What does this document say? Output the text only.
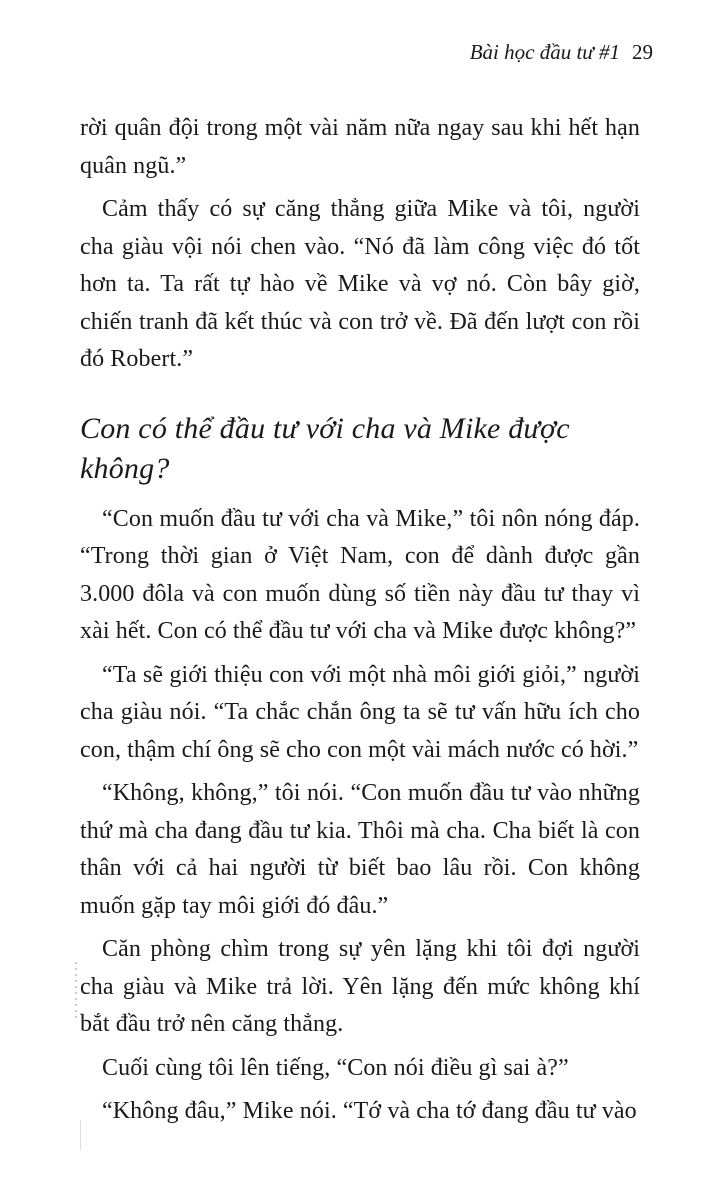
Bài học đầu tư #1 29

rời quân đội trong một vài năm nữa ngay sau khi hết hạn quân ngũ.”

Cảm thấy có sự căng thẳng giữa Mike và tôi, người cha giàu vội nói chen vào. “Nó đã làm công việc đó tốt hơn ta. Ta rất tự hào về Mike và vợ nó. Còn bây giờ, chiến tranh đã kết thúc và con trở về. Đã đến lượt con rồi đó Robert.”

Con có thể đầu tư với cha và Mike được không?

“Con muốn đầu tư với cha và Mike,” tôi nôn nóng đáp. “Trong thời gian ở Việt Nam, con để dành được gần 3.000 đôla và con muốn dùng số tiền này đầu tư thay vì xài hết. Con có thể đầu tư với cha và Mike được không?”

“Ta sẽ giới thiệu con với một nhà môi giới giỏi,” người cha giàu nói. “Ta chắc chắn ông ta sẽ tư vấn hữu ích cho con, thậm chí ông sẽ cho con một vài mách nước có hời.”

“Không, không,” tôi nói. “Con muốn đầu tư vào những thứ mà cha đang đầu tư kia. Thôi mà cha. Cha biết là con thân với cả hai người từ biết bao lâu rồi. Con không muốn gặp tay môi giới đó đâu.”

Căn phòng chìm trong sự yên lặng khi tôi đợi người cha giàu và Mike trả lời. Yên lặng đến mức không khí bắt đầu trở nên căng thẳng.

Cuối cùng tôi lên tiếng, “Con nói điều gì sai à?”

“Không đâu,” Mike nói. “Tớ và cha tớ đang đầu tư vào
